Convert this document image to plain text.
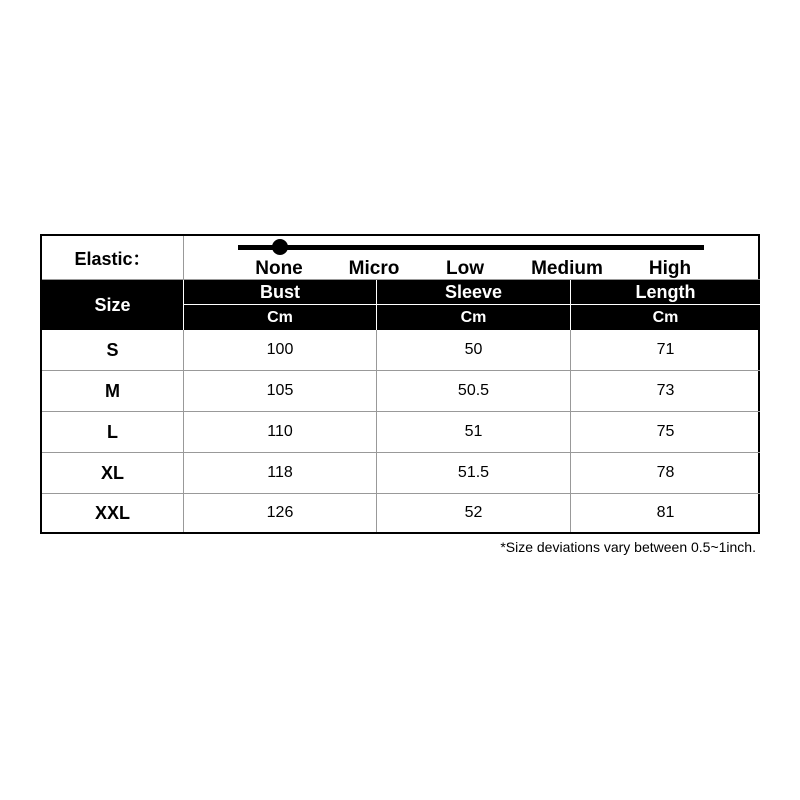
Elastic：	None Micro Low Medium High
Size
Bust	Sleeve	Length
Cm	Cm	Cm
S	100	50	71
M	105	50.5	73
L	110	51	75
XL	118	51.5	78
XXL	126	52	81
*Size deviations vary between 0.5~1inch.
